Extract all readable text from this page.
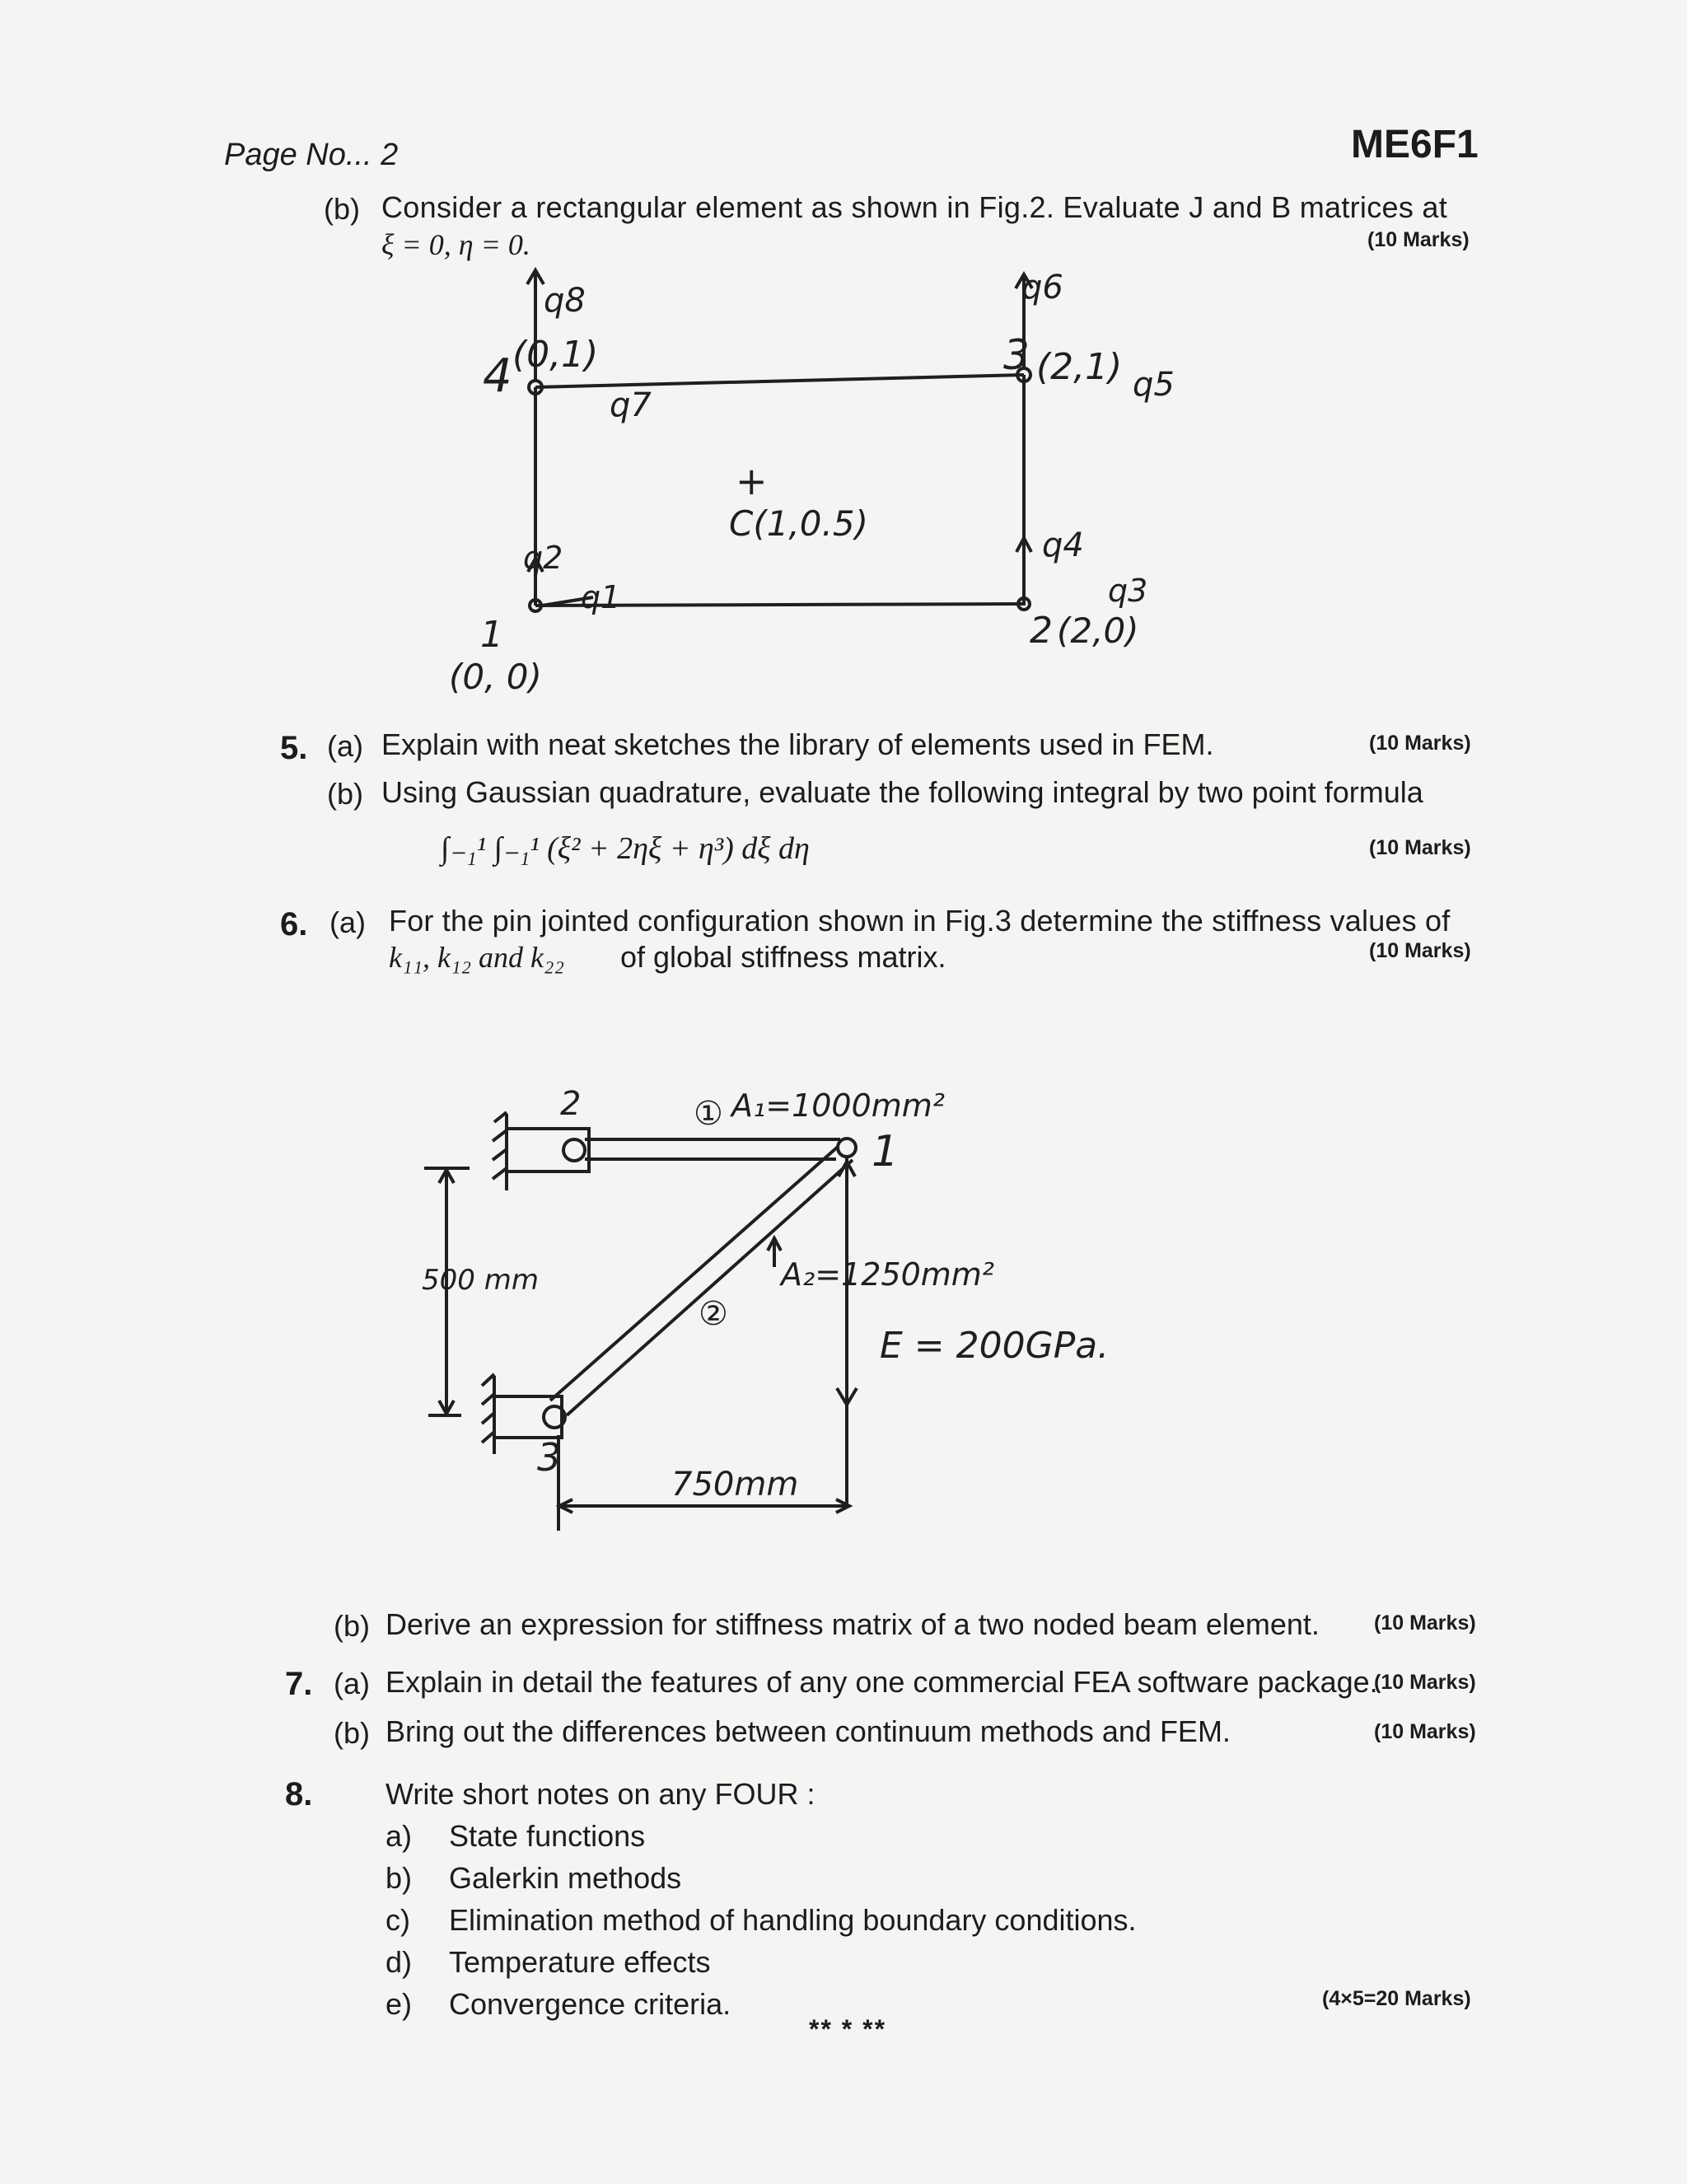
Page No... 2	ME6F1
(b) Consider a rectangular element as shown in Fig.2. Evaluate J and B matrices at
ξ = 0, η = 0.	(10 Marks)
4 (0,1)
q8
q7
3 (2,1)
q6
q5
+
C(1,0.5)
q2
q1
1
(0, 0)
q4
q3
2 (2,0)
5. (a) Explain with neat sketches the library of elements used in FEM.	(10 Marks)
(b) Using Gaussian quadrature, evaluate the following integral by two point formula
∫₋₁¹ ∫₋₁¹ (ξ² + 2ηξ + η³) dξ dη	(10 Marks)
6. (a) For the pin jointed configuration shown in Fig.3 determine the stiffness values of
k₁₁, k₁₂ and k₂₂ of global stiffness matrix.	(10 Marks)
2	① A₁=1000mm²
1
500 mm	A₂=1250mm²
②
E = 200GPa.
3
750mm
(b) Derive an expression for stiffness matrix of a two noded beam element.	(10 Marks)
7. (a) Explain in detail the features of any one commercial FEA software package.
(10 Marks)
(b) Bring out the differences between continuum methods and FEM.	(10 Marks)
8. Write short notes on any FOUR :
a) State functions
b) Galerkin methods
c) Elimination method of handling boundary conditions.
d) Temperature effects
e) Convergence criteria.	(4×5=20 Marks)
** * **
